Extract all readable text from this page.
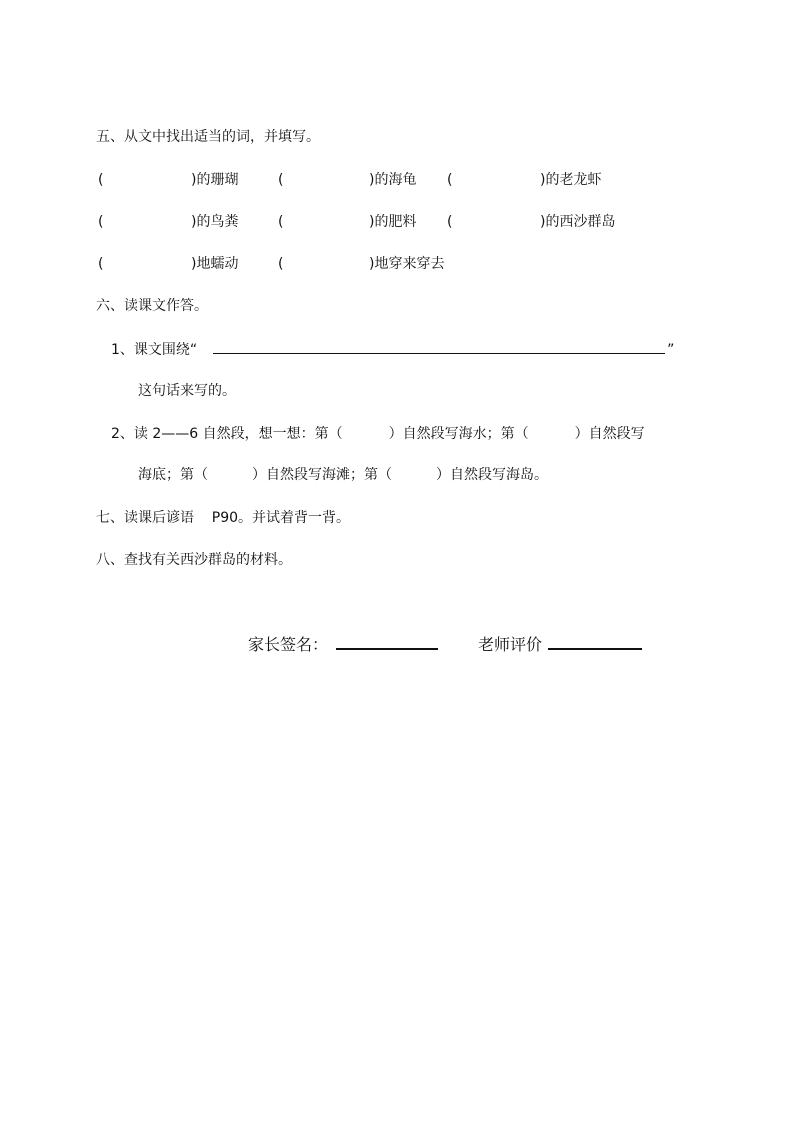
五、从文中找出适当的词，并填写。
(	)的珊瑚	(	)的海龟 (	)的老龙虾
(	)的鸟粪	(	)的肥料 (	)的西沙群岛
(	)地蠕动	(	)地穿来穿去
六、读课文作答。
1、课文围绕“	”
这句话来写的。
2、读 2——6 自然段，想一想：第（	）自然段写海水；第（	）自然段写
海底；第（	）自然段写海滩；第（	）自然段写海岛。
七、读课后谚语    P90。并试着背一背。
八、查找有关西沙群岛的材料。
家长签名：	老师评价
